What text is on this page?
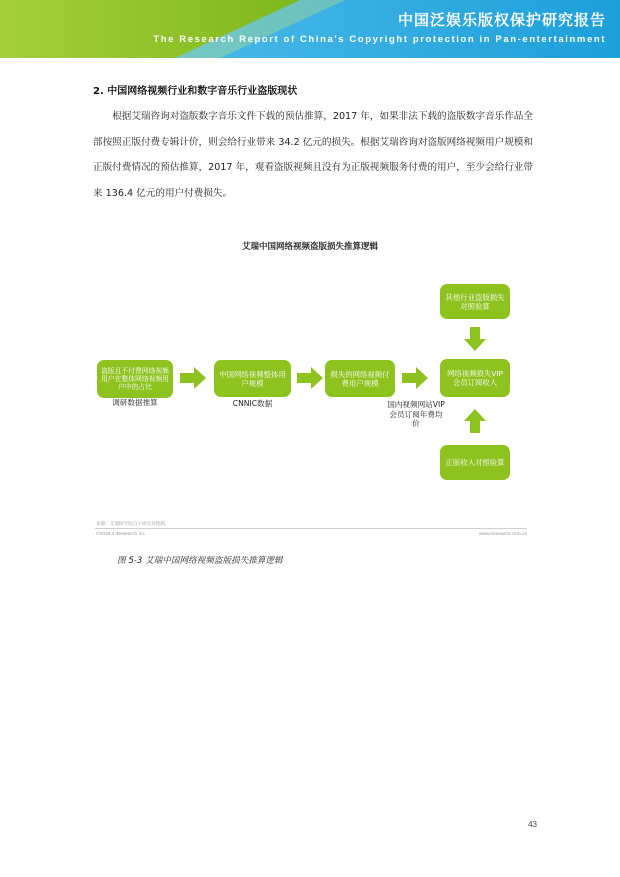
中国泛娱乐版权保护研究报告
The Research Report of China's Copyright protection in Pan-entertainment
2. 中国网络视频行业和数字音乐行业盗版现状

根据艾瑞咨询对盗版数字音乐文件下载的预估推算，2017 年，如果非法下载的盗版数字音乐作品全部按照正版付费专辑计价，则会给行业带来 34.2 亿元的损失。根据艾瑞咨询对盗版网络视频用户规模和正版付费情况的预估推算，2017 年，观看盗版视频且没有为正版视频服务付费的用户，至少会给行业带来 136.4 亿元的用户付费损失。

艾瑞中国网络视频盗版损失推算逻辑
盗版且不付费网络视频用户在整体网络视频用户中的占比
调研数据推算
中国网络视频整体用户规模
CNNIC数据
损失的网络视频付费用户规模
国内视频网站VIP会员订阅年费均价
其他行业盗版损失对照验算
网络视频损失VIP会员订阅收入
正版收入对照验算
来源：艾瑞研究院自主研究及绘制。
©2018.4 iResearch Inc.	www.iresearch.com.cn
图 5-3 艾瑞中国网络视频盗版损失推算逻辑
43
